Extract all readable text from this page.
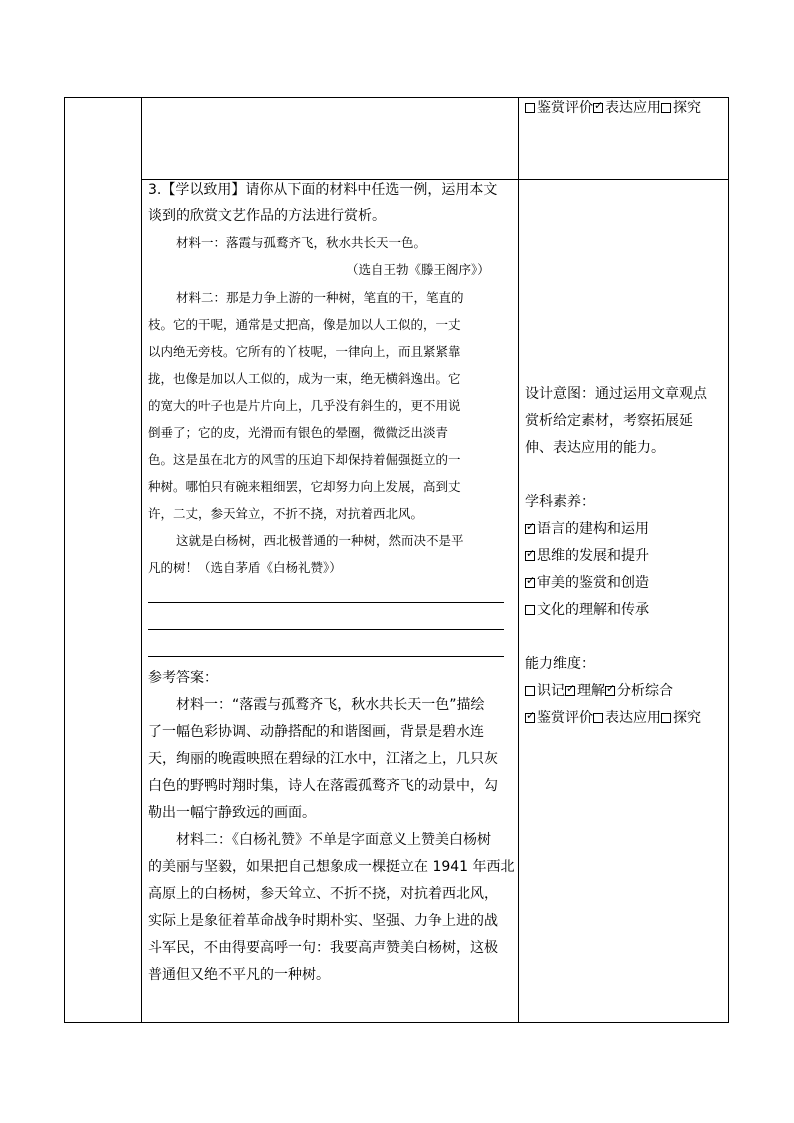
鉴赏评价 ✓ 表达应用 探究
3.【学以致用】请你从下面的材料中任选一例，运用本文
谈到的欣赏文艺作品的方法进行赏析。
材料一：落霞与孤鹜齐飞，秋水共长天一色。
（选自王勃《滕王阁序》）
材料二：那是力争上游的一种树，笔直的干，笔直的
枝。它的干呢，通常是丈把高，像是加以人工似的，一丈
以内绝无旁枝。它所有的丫枝呢，一律向上，而且紧紧靠
拢，也像是加以人工似的，成为一束，绝无横斜逸出。它
的宽大的叶子也是片片向上，几乎没有斜生的，更不用说
倒垂了；它的皮，光滑而有银色的晕圈，微微泛出淡青
色。这是虽在北方的风雪的压迫下却保持着倔强挺立的一
种树。哪怕只有碗来粗细罢，它却努力向上发展，高到丈
许，二丈，参天耸立，不折不挠，对抗着西北风。
这就是白杨树，西北极普通的一种树，然而决不是平
凡的树！（选自茅盾《白杨礼赞》）
参考答案：
材料一：“落霞与孤鹜齐飞，秋水共长天一色”描绘
了一幅色彩协调、动静搭配的和谐图画，背景是碧水连
天，绚丽的晚霞映照在碧绿的江水中，江渚之上，几只灰
白色的野鸭时翔时集，诗人在落霞孤鹜齐飞的动景中，勾
勒出一幅宁静致远的画面。
材料二：《白杨礼赞》不单是字面意义上赞美白杨树
的美丽与坚毅，如果把自己想象成一棵挺立在 1941 年西北
高原上的白杨树，参天耸立、不折不挠，对抗着西北风，
实际上是象征着革命战争时期朴实、坚强、力争上进的战
斗军民，不由得要高呼一句：我要高声赞美白杨树，这极
普通但又绝不平凡的一种树。
设计意图：通过运用文章观点
赏析给定素材，考察拓展延
伸、表达应用的能力。
学科素养：
✓语言的建构和运用
✓思维的发展和提升
✓审美的鉴赏和创造
文化的理解和传承
能力维度：
识记 ✓ 理解 ✓ 分析综合
✓鉴赏评价 表达应用 探究
